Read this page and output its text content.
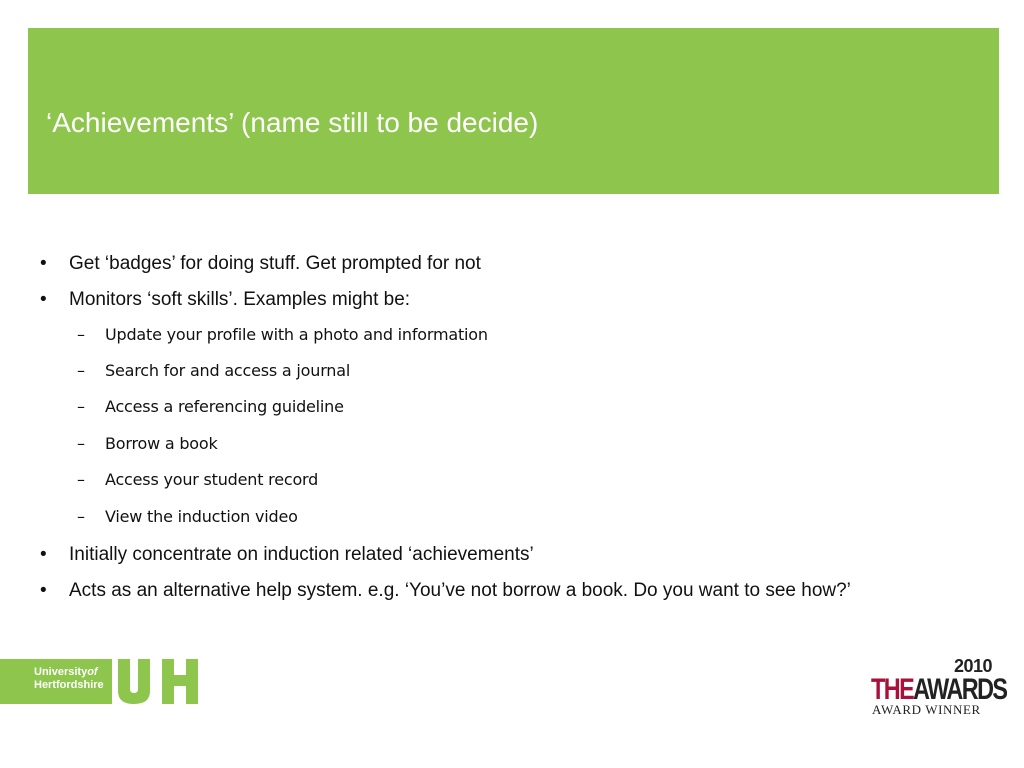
‘Achievements’ (name still to be decide)
• Get ‘badges’ for doing stuff. Get prompted for not
• Monitors ‘soft skills’. Examples might be:
– Update your profile with a photo and information
– Search for and access a journal
– Access a referencing guideline
– Borrow a book
– Access your student record
– View the induction video
• Initially concentrate on induction related ‘achievements’
• Acts as an alternative help system. e.g. ‘You’ve not borrow a book. Do you want to see how?’
Universityof
Hertfordshire
2010
THEAWARDS
AWARD WINNER
